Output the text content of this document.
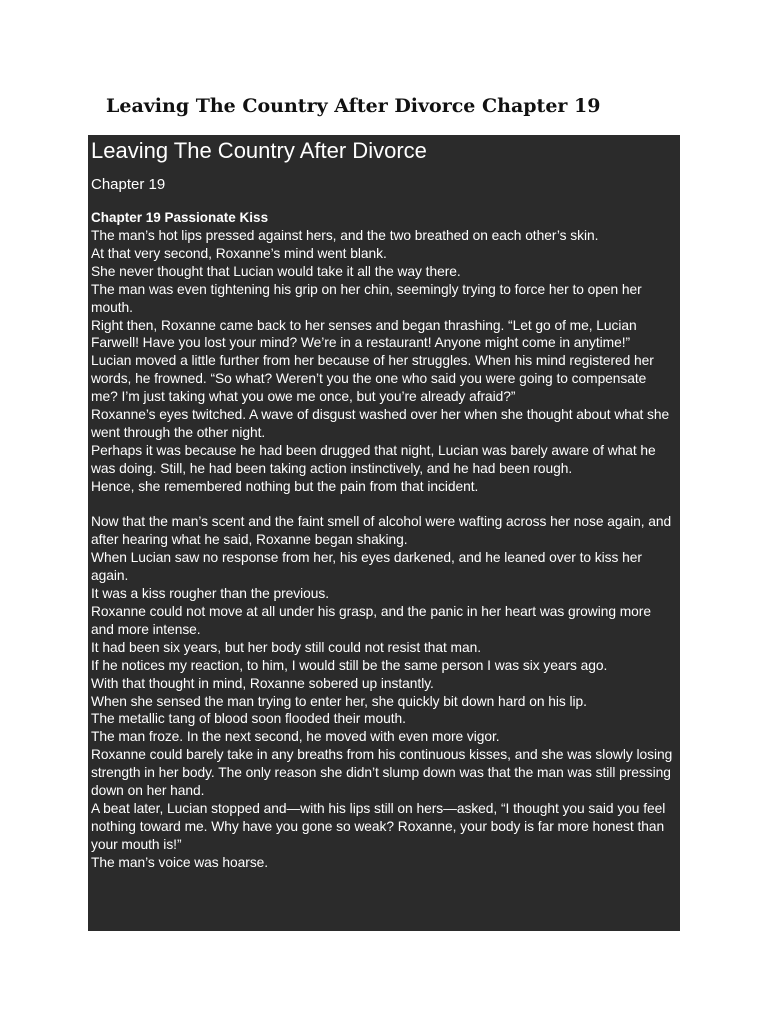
Leaving The Country After Divorce Chapter 19
Leaving The Country After Divorce

Chapter 19

Chapter 19 Passionate Kiss

The man’s hot lips pressed against hers, and the two breathed on each other’s skin.

At that very second, Roxanne’s mind went blank.

She never thought that Lucian would take it all the way there.

The man was even tightening his grip on her chin, seemingly trying to force her to open her mouth.

Right then, Roxanne came back to her senses and began thrashing. “Let go of me, Lucian Farwell! Have you lost your mind? We’re in a restaurant! Anyone might come in anytime!”

Lucian moved a little further from her because of her struggles. When his mind registered her words, he frowned. “So what? Weren’t you the one who said you were going to compensate me? I’m just taking what you owe me once, but you’re already afraid?”

Roxanne’s eyes twitched. A wave of disgust washed over her when she thought about what she went through the other night.

Perhaps it was because he had been drugged that night, Lucian was barely aware of what he was doing. Still, he had been taking action instinctively, and he had been rough.

Hence, she remembered nothing but the pain from that incident.

Now that the man’s scent and the faint smell of alcohol were wafting across her nose again, and after hearing what he said, Roxanne began shaking.

When Lucian saw no response from her, his eyes darkened, and he leaned over to kiss her again.

It was a kiss rougher than the previous.

Roxanne could not move at all under his grasp, and the panic in her heart was growing more and more intense.

It had been six years, but her body still could not resist that man.

If he notices my reaction, to him, I would still be the same person I was six years ago.

With that thought in mind, Roxanne sobered up instantly.

When she sensed the man trying to enter her, she quickly bit down hard on his lip.

The metallic tang of blood soon flooded their mouth.

The man froze. In the next second, he moved with even more vigor.

Roxanne could barely take in any breaths from his continuous kisses, and she was slowly losing strength in her body. The only reason she didn’t slump down was that the man was still pressing down on her hand.

A beat later, Lucian stopped and—with his lips still on hers—asked, “I thought you said you feel nothing toward me. Why have you gone so weak? Roxanne, your body is far more honest than your mouth is!”

The man’s voice was hoarse.
